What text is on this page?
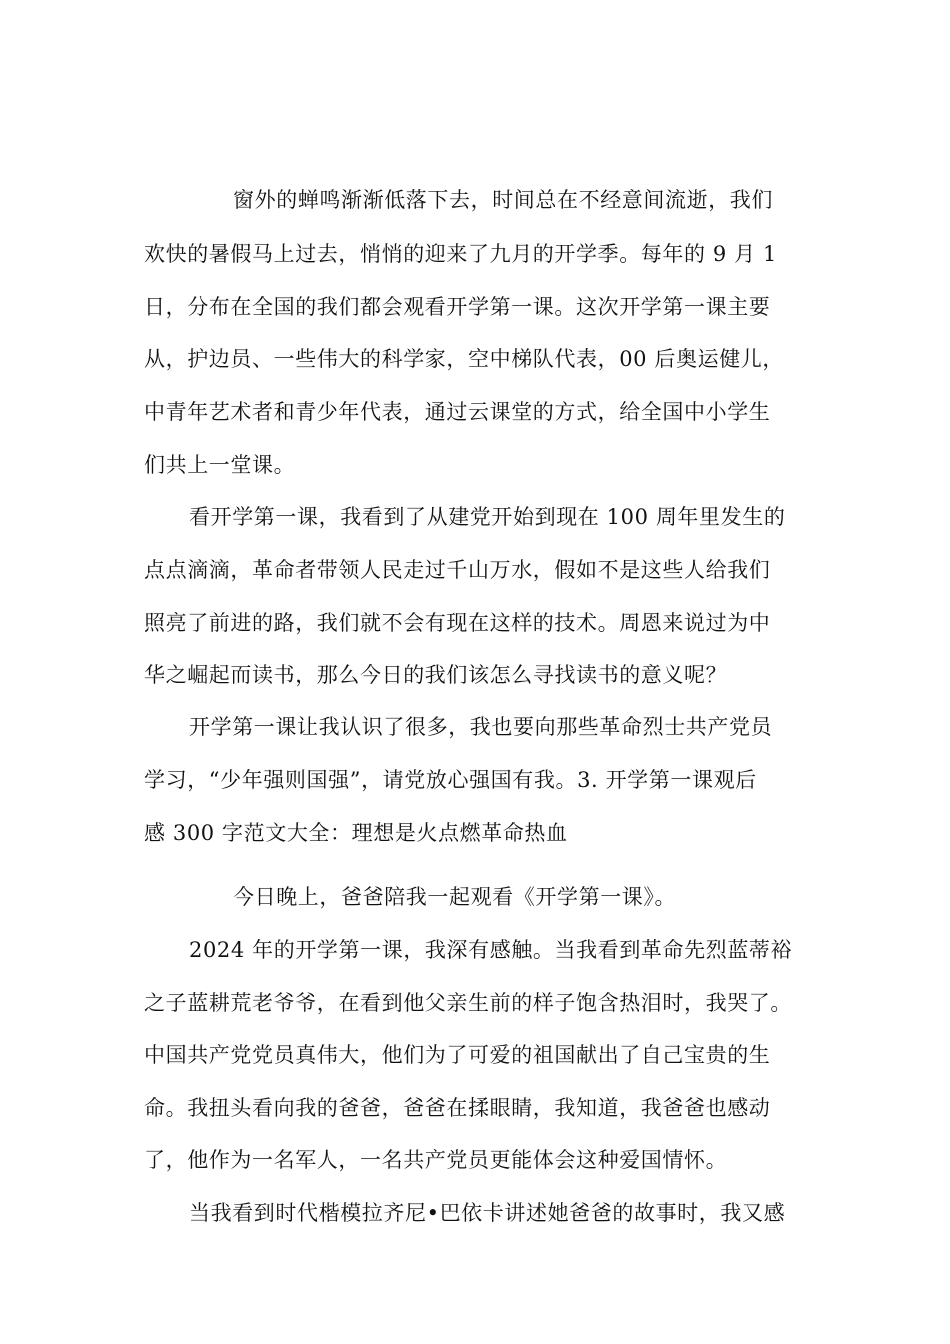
窗外的蝉鸣渐渐低落下去，时间总在不经意间流逝，我们
欢快的暑假马上过去，悄悄的迎来了九月的开学季。每年的 9 月 1
日，分布在全国的我们都会观看开学第一课。这次开学第一课主要
从，护边员、一些伟大的科学家，空中梯队代表，00 后奥运健儿，
中青年艺术者和青少年代表，通过云课堂的方式，给全国中小学生
们共上一堂课。
看开学第一课，我看到了从建党开始到现在 100 周年里发生的
点点滴滴，革命者带领人民走过千山万水，假如不是这些人给我们
照亮了前进的路，我们就不会有现在这样的技术。周恩来说过为中
华之崛起而读书，那么今日的我们该怎么寻找读书的意义呢？
开学第一课让我认识了很多，我也要向那些革命烈士共产党员
学习，“少年强则国强”，请党放心强国有我。3. 开学第一课观后
感 300 字范文大全：理想是火点燃革命热血
今日晚上，爸爸陪我一起观看《开学第一课》。
2024 年的开学第一课，我深有感触。当我看到革命先烈蓝蒂裕
之子蓝耕荒老爷爷，在看到他父亲生前的样子饱含热泪时，我哭了。
中国共产党党员真伟大，他们为了可爱的祖国献出了自己宝贵的生
命。我扭头看向我的爸爸，爸爸在揉眼睛，我知道，我爸爸也感动
了，他作为一名军人，一名共产党员更能体会这种爱国情怀。
当我看到时代楷模拉齐尼•巴依卡讲述她爸爸的故事时，我又感
